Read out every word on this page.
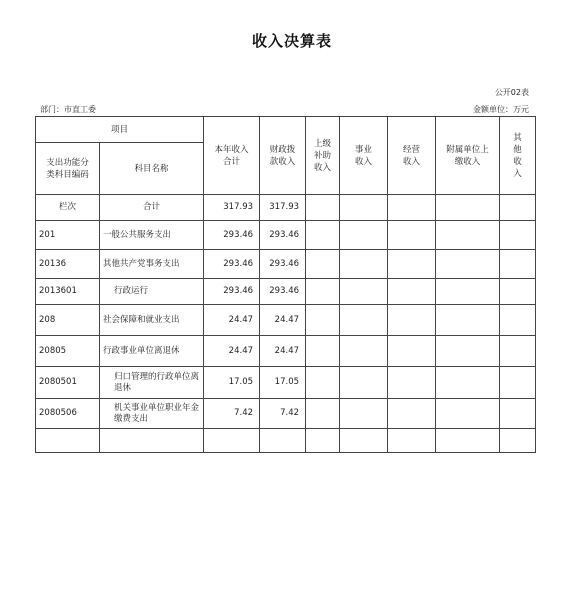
收入决算表
公开02表
部门：市直工委	金额单位：万元
项目		本年收入合计	财政拨款收入	上级补助收入	事业收入	经营收入	附属单位上缴收入	其他收入
支出功能分类科目编码	科目名称							
栏次	合计	317.93	317.93					
201	一般公共服务支出	293.46	293.46					
20136	其他共产党事务支出	293.46	293.46					
2013601	行政运行	293.46	293.46					
208	社会保障和就业支出	24.47	24.47					
20805	行政事业单位离退休	24.47	24.47					
2080501	归口管理的行政单位离退休	17.05	17.05					
2080506	机关事业单位职业年金缴费支出	7.42	7.42					
